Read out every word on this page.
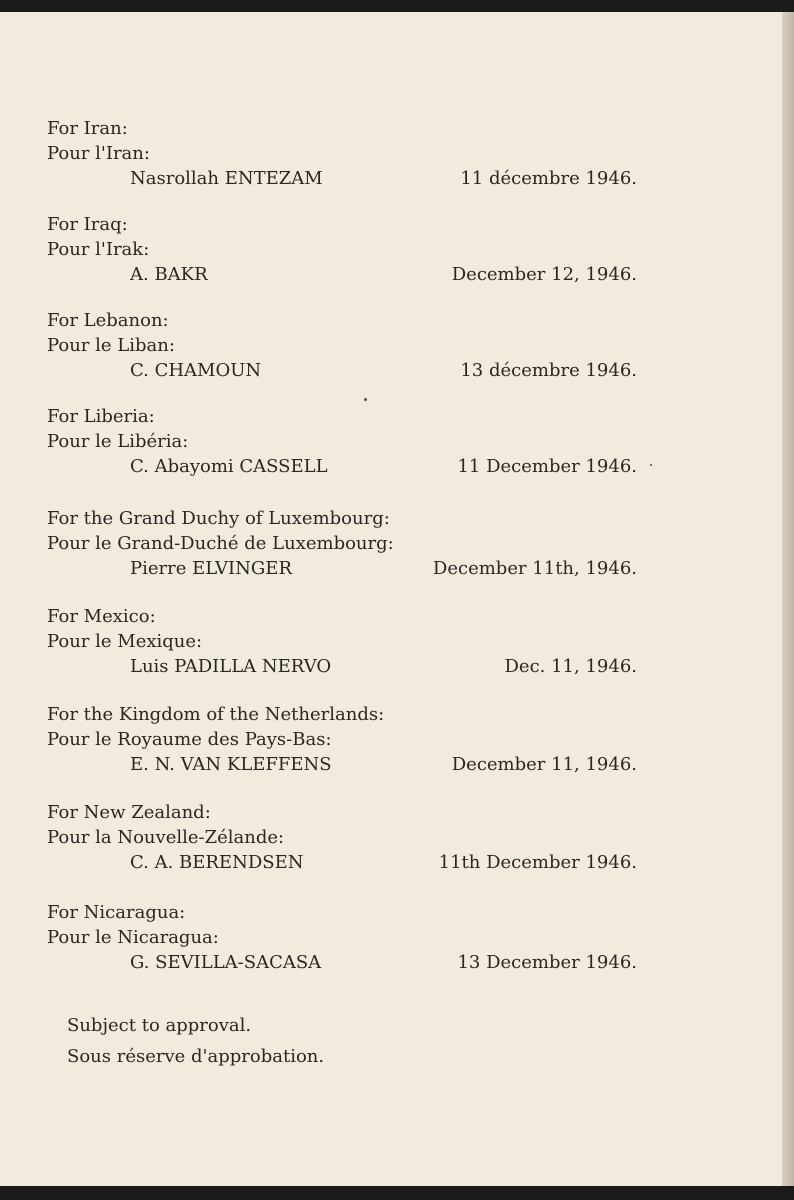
For Iran:
Pour l'Iran:
Nasrollah ENTEZAM	11 décembre 1946.
For Iraq:
Pour l'Irak:
A. BAKR	December 12, 1946.
For Lebanon:
Pour le Liban:
C. CHAMOUN	13 décembre 1946.
For Liberia:
Pour le Libéria:
C. Abayomi CASSELL	11 December 1946.
For the Grand Duchy of Luxembourg:
Pour le Grand-Duché de Luxembourg:
Pierre ELVINGER	December 11th, 1946.
For Mexico:
Pour le Mexique:
Luis PADILLA NERVO	Dec. 11, 1946.
For the Kingdom of the Netherlands:
Pour le Royaume des Pays-Bas:
E. N. VAN KLEFFENS	December 11, 1946.
For New Zealand:
Pour la Nouvelle-Zélande:
C. A. BERENDSEN	11th December 1946.
For Nicaragua:
Pour le Nicaragua:
G. SEVILLA-SACASA	13 December 1946.
Subject to approval.
Sous réserve d'approbation.
